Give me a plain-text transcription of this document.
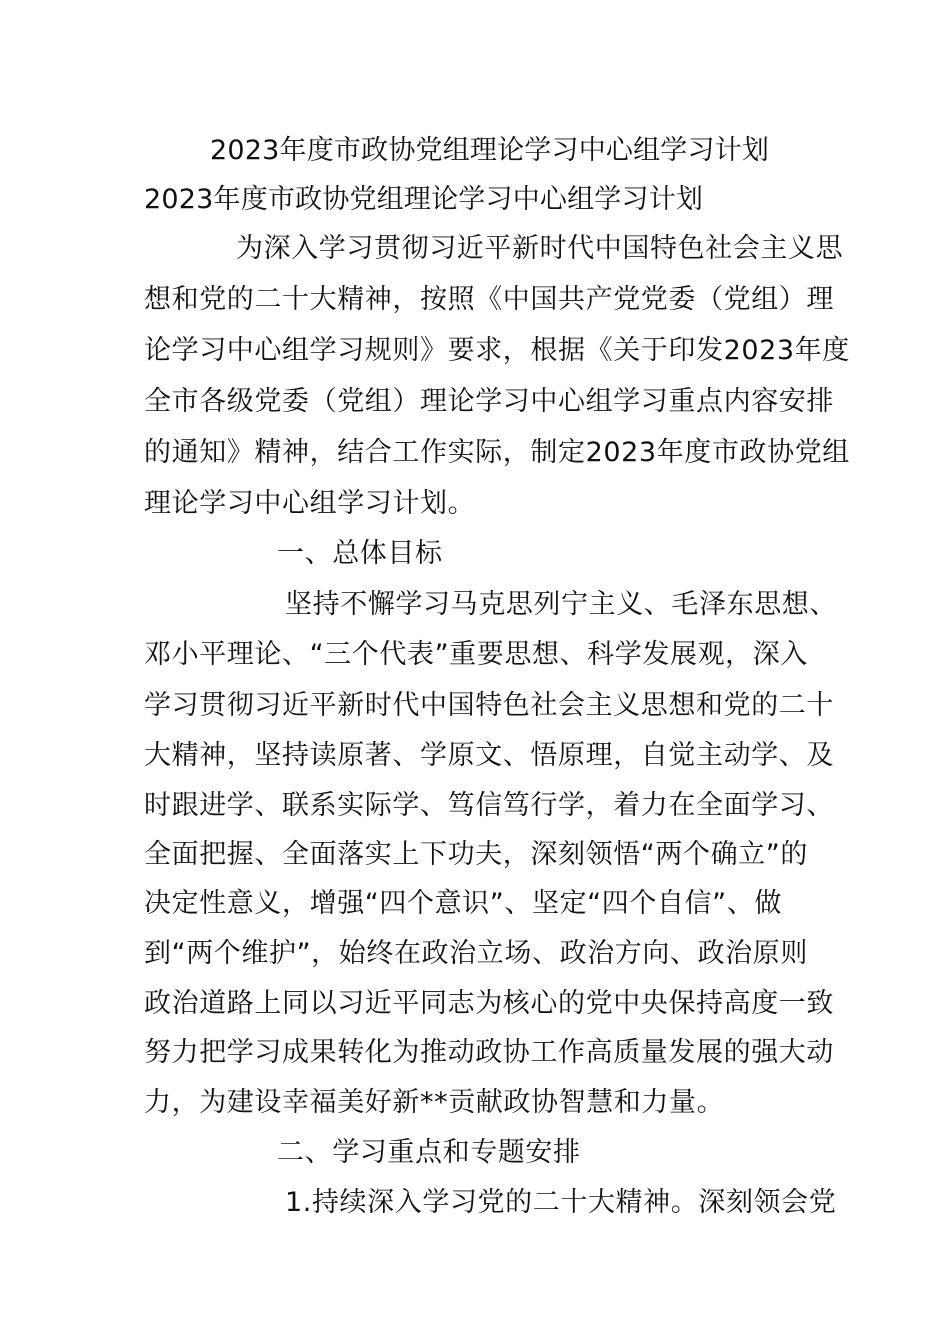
2023年度市政协党组理论学习中心组学习计划
2023年度市政协党组理论学习中心组学习计划
为深入学习贯彻习近平新时代中国特色社会主义思
想和党的二十大精神，按照《中国共产党党委（党组）理
论学习中心组学习规则》要求，根据《关于印发2023年度
全市各级党委（党组）理论学习中心组学习重点内容安排
的通知》精神，结合工作实际，制定2023年度市政协党组
理论学习中心组学习计划。
一、总体目标
坚持不懈学习马克思列宁主义、毛泽东思想、
邓小平理论、“三个代表”重要思想、科学发展观，深入
学习贯彻习近平新时代中国特色社会主义思想和党的二十
大精神，坚持读原著、学原文、悟原理，自觉主动学、及
时跟进学、联系实际学、笃信笃行学，着力在全面学习、
全面把握、全面落实上下功夫，深刻领悟“两个确立”的
决定性意义，增强“四个意识”、坚定“四个自信”、做
到“两个维护”，始终在政治立场、政治方向、政治原则
政治道路上同以习近平同志为核心的党中央保持高度一致
努力把学习成果转化为推动政协工作高质量发展的强大动
力，为建设幸福美好新**贡献政协智慧和力量。
二、学习重点和专题安排
1.持续深入学习党的二十大精神。深刻领会党
